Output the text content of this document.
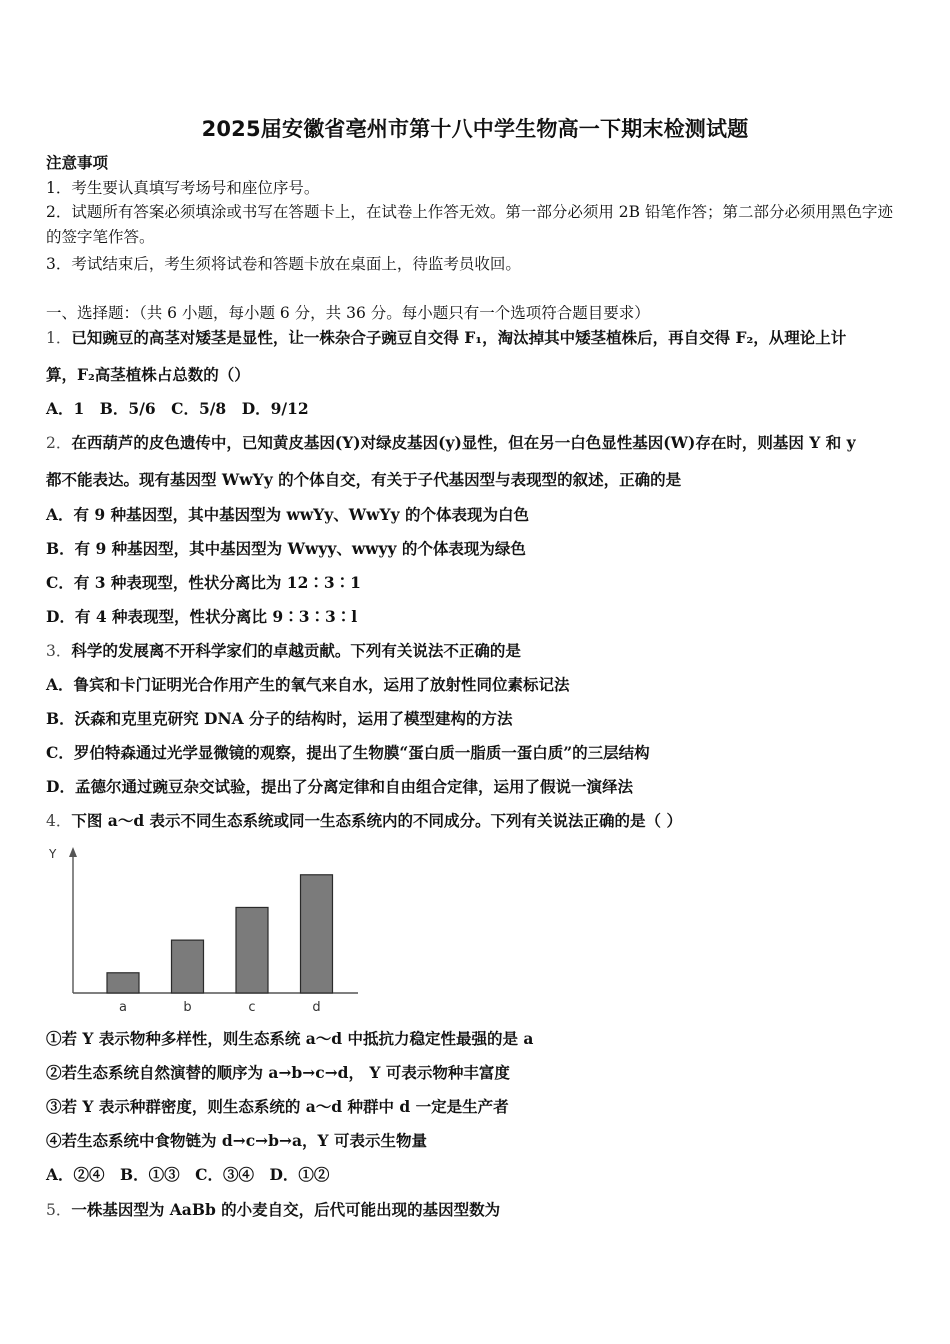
2025届安徽省亳州市第十八中学生物高一下期末检测试题
注意事项
1．考生要认真填写考场号和座位序号。
2．试题所有答案必须填涂或书写在答题卡上，在试卷上作答无效。第一部分必须用 2B 铅笔作答；第二部分必须用黑色字迹的签字笔作答。
3．考试结束后，考生须将试卷和答题卡放在桌面上，待监考员收回。
一、选择题：（共 6 小题，每小题 6 分，共 36 分。每小题只有一个选项符合题目要求）
1．已知豌豆的高茎对矮茎是显性，让一株杂合子豌豆自交得 F₁，淘汰掉其中矮茎植株后，再自交得 F₂，从理论上计
算，F₂高茎植株占总数的（）
A．1　B．5/6　C．5/8　D．9/12
2．在西葫芦的皮色遗传中，已知黄皮基因(Y)对绿皮基因(y)显性，但在另一白色显性基因(W)存在时，则基因 Y 和 y
都不能表达。现有基因型 WwYy 的个体自交，有关于子代基因型与表现型的叙述，正确的是
A．有 9 种基因型，其中基因型为 wwYy、WwYy 的个体表现为白色
B．有 9 种基因型，其中基因型为 Wwyy、wwyy 的个体表现为绿色
C．有 3 种表现型，性状分离比为 12∶3∶1
D．有 4 种表现型，性状分离比 9∶3∶3∶l
3．科学的发展离不开科学家们的卓越贡献。下列有关说法不正确的是
A．鲁宾和卡门证明光合作用产生的氧气来自水，运用了放射性同位素标记法
B．沃森和克里克研究 DNA 分子的结构时，运用了模型建构的方法
C．罗伯特森通过光学显微镜的观察，提出了生物膜“蛋白质一脂质一蛋白质”的三层结构
D．孟德尔通过豌豆杂交试验，提出了分离定律和自由组合定律，运用了假说一演绎法
4．下图 a～d 表示不同生态系统或同一生态系统内的不同成分。下列有关说法正确的是（ ）
Y
a	b	c	d
①若 Y 表示物种多样性，则生态系统 a～d 中抵抗力稳定性最强的是 a
②若生态系统自然演替的顺序为 a→b→c→d， Y 可表示物种丰富度
③若 Y 表示种群密度，则生态系统的 a～d 种群中 d 一定是生产者
④若生态系统中食物链为 d→c→b→a，Y 可表示生物量
A．②④　B．①③　C．③④　D．①②
5．一株基因型为 AaBb 的小麦自交，后代可能出现的基因型数为
